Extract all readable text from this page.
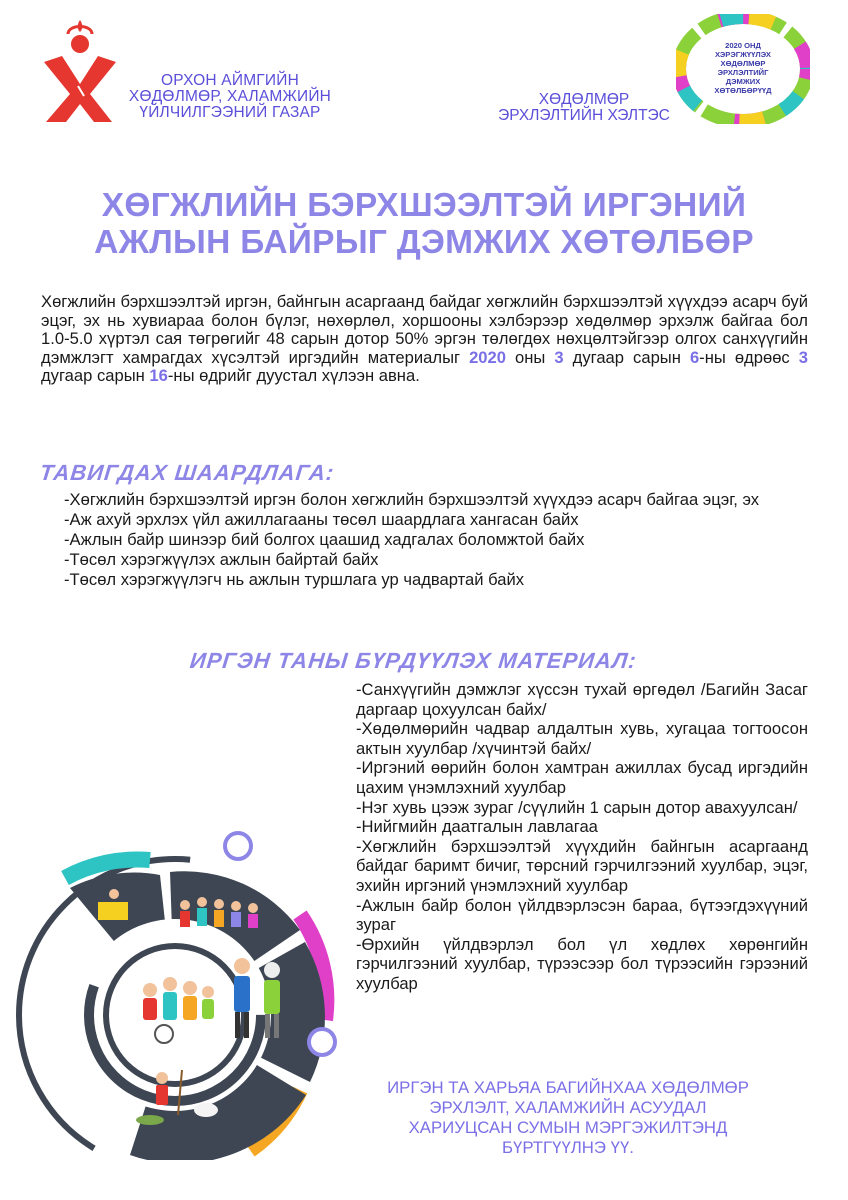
ОРХОН АЙМГИЙН
ХӨДӨЛМӨР, ХАЛАМЖИЙН
ҮЙЛЧИЛГЭЭНИЙ ГАЗАР
ХӨДӨЛМӨР
ЭРХЛЭЛТИЙН ХЭЛТЭС
2020 ОНД
ХЭРЭГЖҮҮЛЭХ
ХӨДӨЛМӨР
ЭРХЛЭЛТИЙГ
ДЭМЖИХ
ХӨТӨЛБӨРҮҮД
ХӨГЖЛИЙН БЭРХШЭЭЛТЭЙ ИРГЭНИЙ
АЖЛЫН БАЙРЫГ ДЭМЖИХ ХӨТӨЛБӨР
Хөгжлийн бэрхшээлтэй иргэн, байнгын асаргаанд байдаг хөгжлийн бэрхшээлтэй хүүхдээ асарч буй эцэг, эх нь хувиараа болон бүлэг, нөхөрлөл, хоршооны хэлбэрээр хөдөлмөр эрхэлж байгаа бол 1.0-5.0 хүртэл сая төгрөгийг 48 сарын дотор 50% эргэн төлөгдөх нөхцөлтэйгээр олгох санхүүгийн дэмжлэгт хамрагдах хүсэлтэй иргэдийн материалыг 2020 оны 3 дугаар сарын 6-ны өдрөөс 3 дугаар сарын 16-ны өдрийг дуустал хүлээн авна.
ТАВИГДАХ ШААРДЛАГА:
-Хөгжлийн бэрхшээлтэй иргэн болон хөгжлийн бэрхшээлтэй хүүхдээ асарч байгаа эцэг, эх
-Аж ахуй эрхлэх үйл ажиллагааны төсөл шаардлага хангасан байх
-Ажлын байр шинээр бий болгох цаашид хадгалах боломжтой байх
-Төсөл хэрэгжүүлэх ажлын байртай байх
-Төсөл хэрэгжүүлэгч нь ажлын туршлага ур чадвартай байх
ИРГЭН ТАНЫ БҮРДҮҮЛЭХ МАТЕРИАЛ:
-Санхүүгийн дэмжлэг хүссэн тухай өргөдөл /Багийн Засаг даргаар цохуулсан байх/
-Хөдөлмөрийн чадвар алдалтын хувь, хугацаа тогтоосон актын хуулбар /хүчинтэй байх/
-Иргэний өөрийн болон хамтран ажиллах бусад иргэдийн цахим үнэмлэхний хуулбар
-Нэг хувь цээж зураг /сүүлийн 1 сарын дотор авахуулсан/
-Нийгмийн даатгалын лавлагаа
-Хөгжлийн бэрхшээлтэй хүүхдийн байнгын асаргаанд байдаг баримт бичиг, төрсний гэрчилгээний хуулбар, эцэг, эхийн иргэний үнэмлэхний хуулбар
-Ажлын байр болон үйлдвэрлэсэн бараа, бүтээгдэхүүний зураг
-Өрхийн үйлдвэрлэл бол үл хөдлөх хөрөнгийн гэрчилгээний хуулбар, түрээсээр бол түрээсийн гэрээний хуулбар
ИРГЭН ТА ХАРЬЯА БАГИЙНХАА ХӨДӨЛМӨР
ЭРХЛЭЛТ, ХАЛАМЖИЙН АСУУДАЛ
ХАРИУЦСАН СУМЫН МЭРГЭЖИЛТЭНД
БҮРТГҮҮЛНЭ ҮҮ.
